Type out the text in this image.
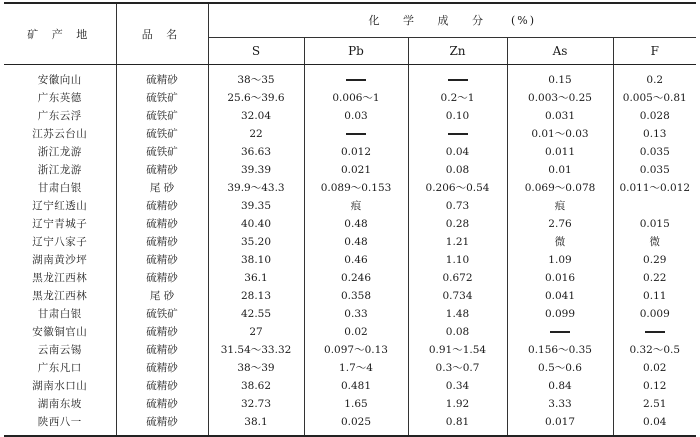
矿 产 地	品 名	化 学 成 分 (%)				
		S	Pb	Zn	As	F
安徽向山	硫精砂	38～35			0.15	0.2
广东英德	硫铁矿	25.6～39.6	0.006～1	0.2～1	0.003～0.25	0.005～0.81
广东云浮	硫铁矿	32.04	0.03	0.10	0.031	0.028
江苏云台山	硫铁矿	22			0.01～0.03	0.13
浙江龙游	硫铁矿	36.63	0.012	0.04	0.011	0.035
浙江龙游	硫精砂	39.39	0.021	0.08	0.01	0.035
甘肃白银	尾 砂	39.9～43.3	0.089～0.153	0.206～0.54	0.069～0.078	0.011～0.012
辽宁红透山	硫精砂	39.35	痕	0.73	痕	
辽宁青城子	硫精砂	40.40	0.48	0.28	2.76	0.015
辽宁八家子	硫精砂	35.20	0.48	1.21	微	微
湖南黄沙坪	硫精砂	38.10	0.46	1.10	1.09	0.29
黑龙江西林	硫精砂	36.1	0.246	0.672	0.016	0.22
黑龙江西林	尾 砂	28.13	0.358	0.734	0.041	0.11
甘肃白银	硫铁矿	42.55	0.33	1.48	0.099	0.009
安徽铜官山	硫精砂	27	0.02	0.08		
云南云锡	硫精砂	31.54～33.32	0.097～0.13	0.91～1.54	0.156～0.35	0.32～0.5
广东凡口	硫精砂	38～39	1.7～4	0.3～0.7	0.5～0.6	0.02
湖南水口山	硫精砂	38.62	0.481	0.34	0.84	0.12
湖南东坡	硫精砂	32.73	1.65	1.92	3.33	2.51
陕西八一	硫精砂	38.1	0.025	0.81	0.017	0.04
